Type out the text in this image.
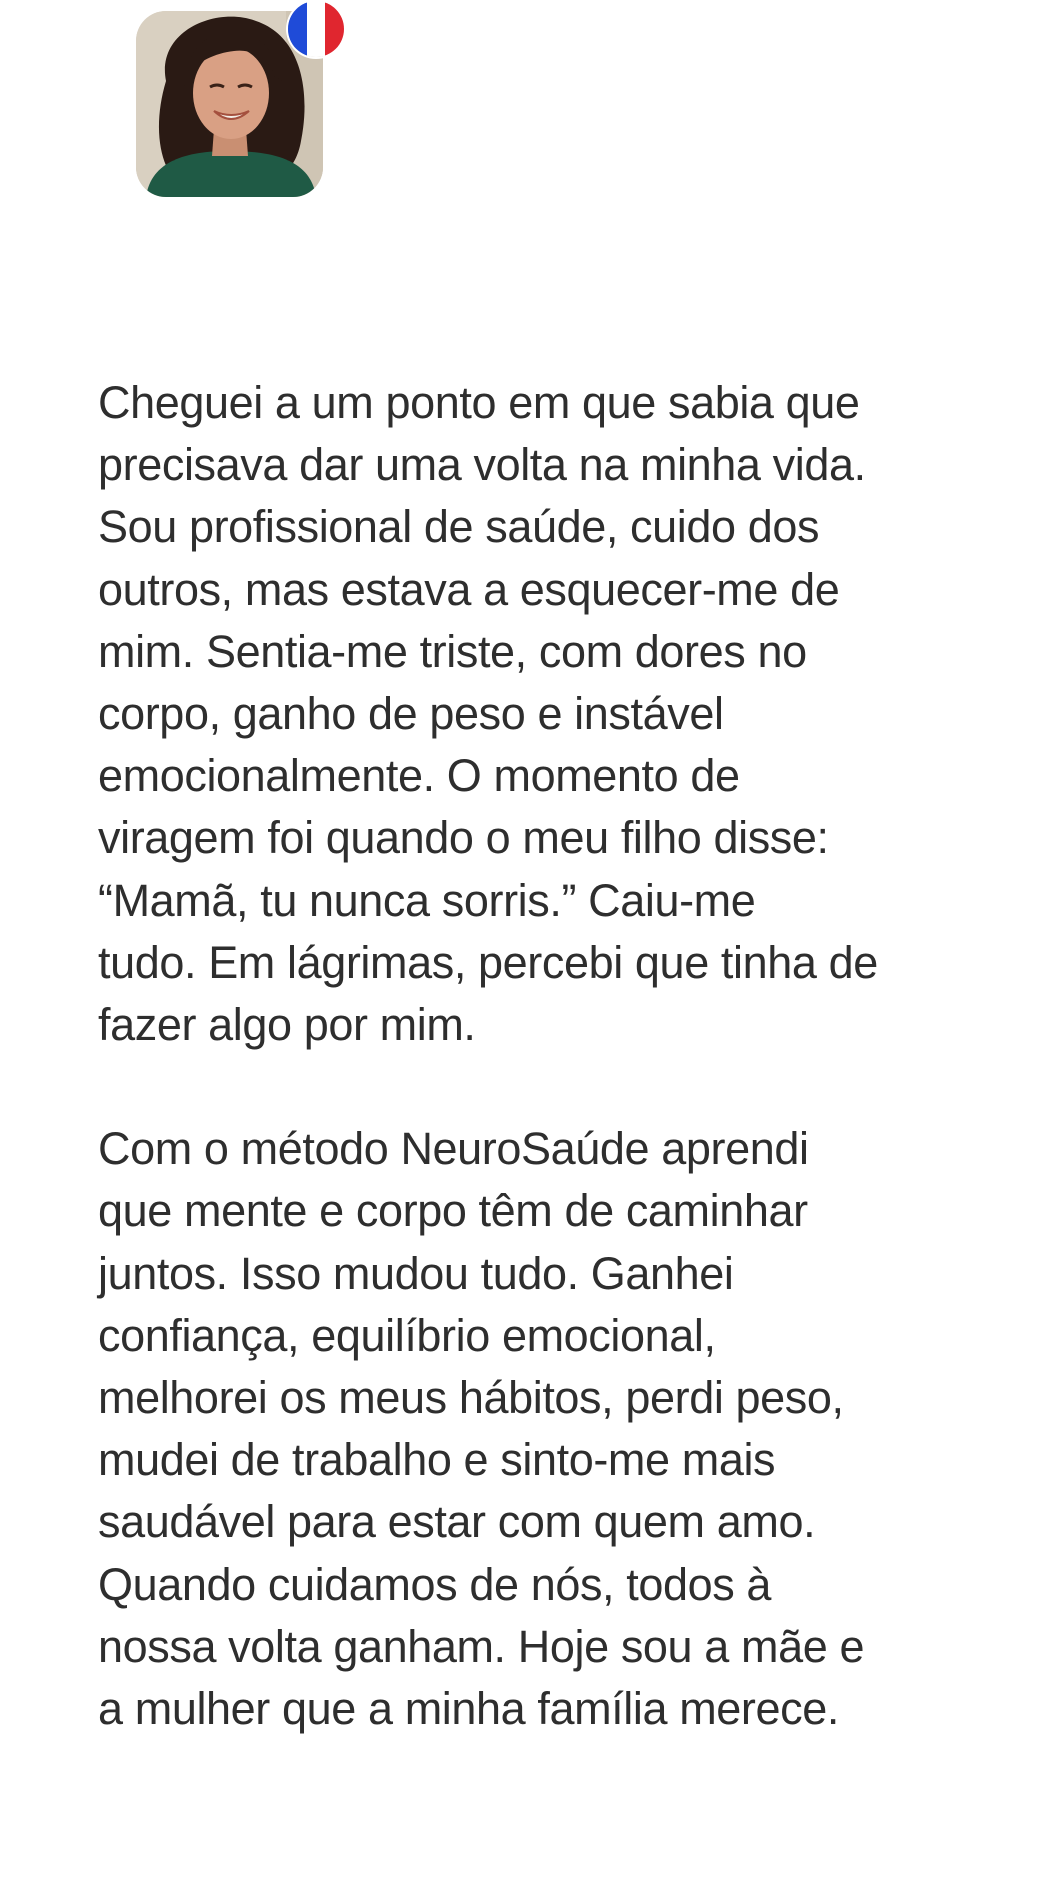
Cheguei a um ponto em que sabia que
precisava dar uma volta na minha vida.
Sou profissional de saúde, cuido dos
outros, mas estava a esquecer-me de
mim. Sentia-me triste, com dores no
corpo, ganho de peso e instável
emocionalmente. O momento de
viragem foi quando o meu filho disse:
“Mamã, tu nunca sorris.” Caiu-me
tudo. Em lágrimas, percebi que tinha de
fazer algo por mim.

Com o método NeuroSaúde aprendi
que mente e corpo têm de caminhar
juntos. Isso mudou tudo. Ganhei
confiança, equilíbrio emocional,
melhorei os meus hábitos, perdi peso,
mudei de trabalho e sinto-me mais
saudável para estar com quem amo.
Quando cuidamos de nós, todos à
nossa volta ganham. Hoje sou a mãe e
a mulher que a minha família merece.
